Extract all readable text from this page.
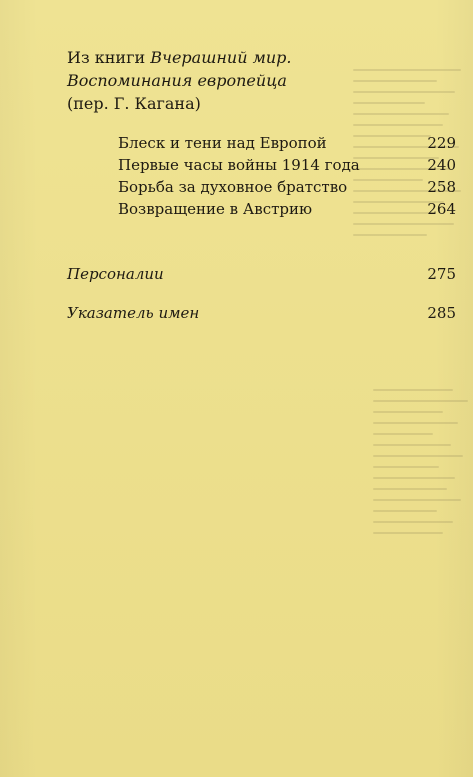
Из книги Вчерашний мир.
Воспоминания европейца
(пер. Г. Кагана)
Блеск и тени над Европой	229
Первые часы войны 1914 года	240
Борьба за духовное братство	258
Возвращение в Австрию	264
Персоналии	275
Указатель имен	285
